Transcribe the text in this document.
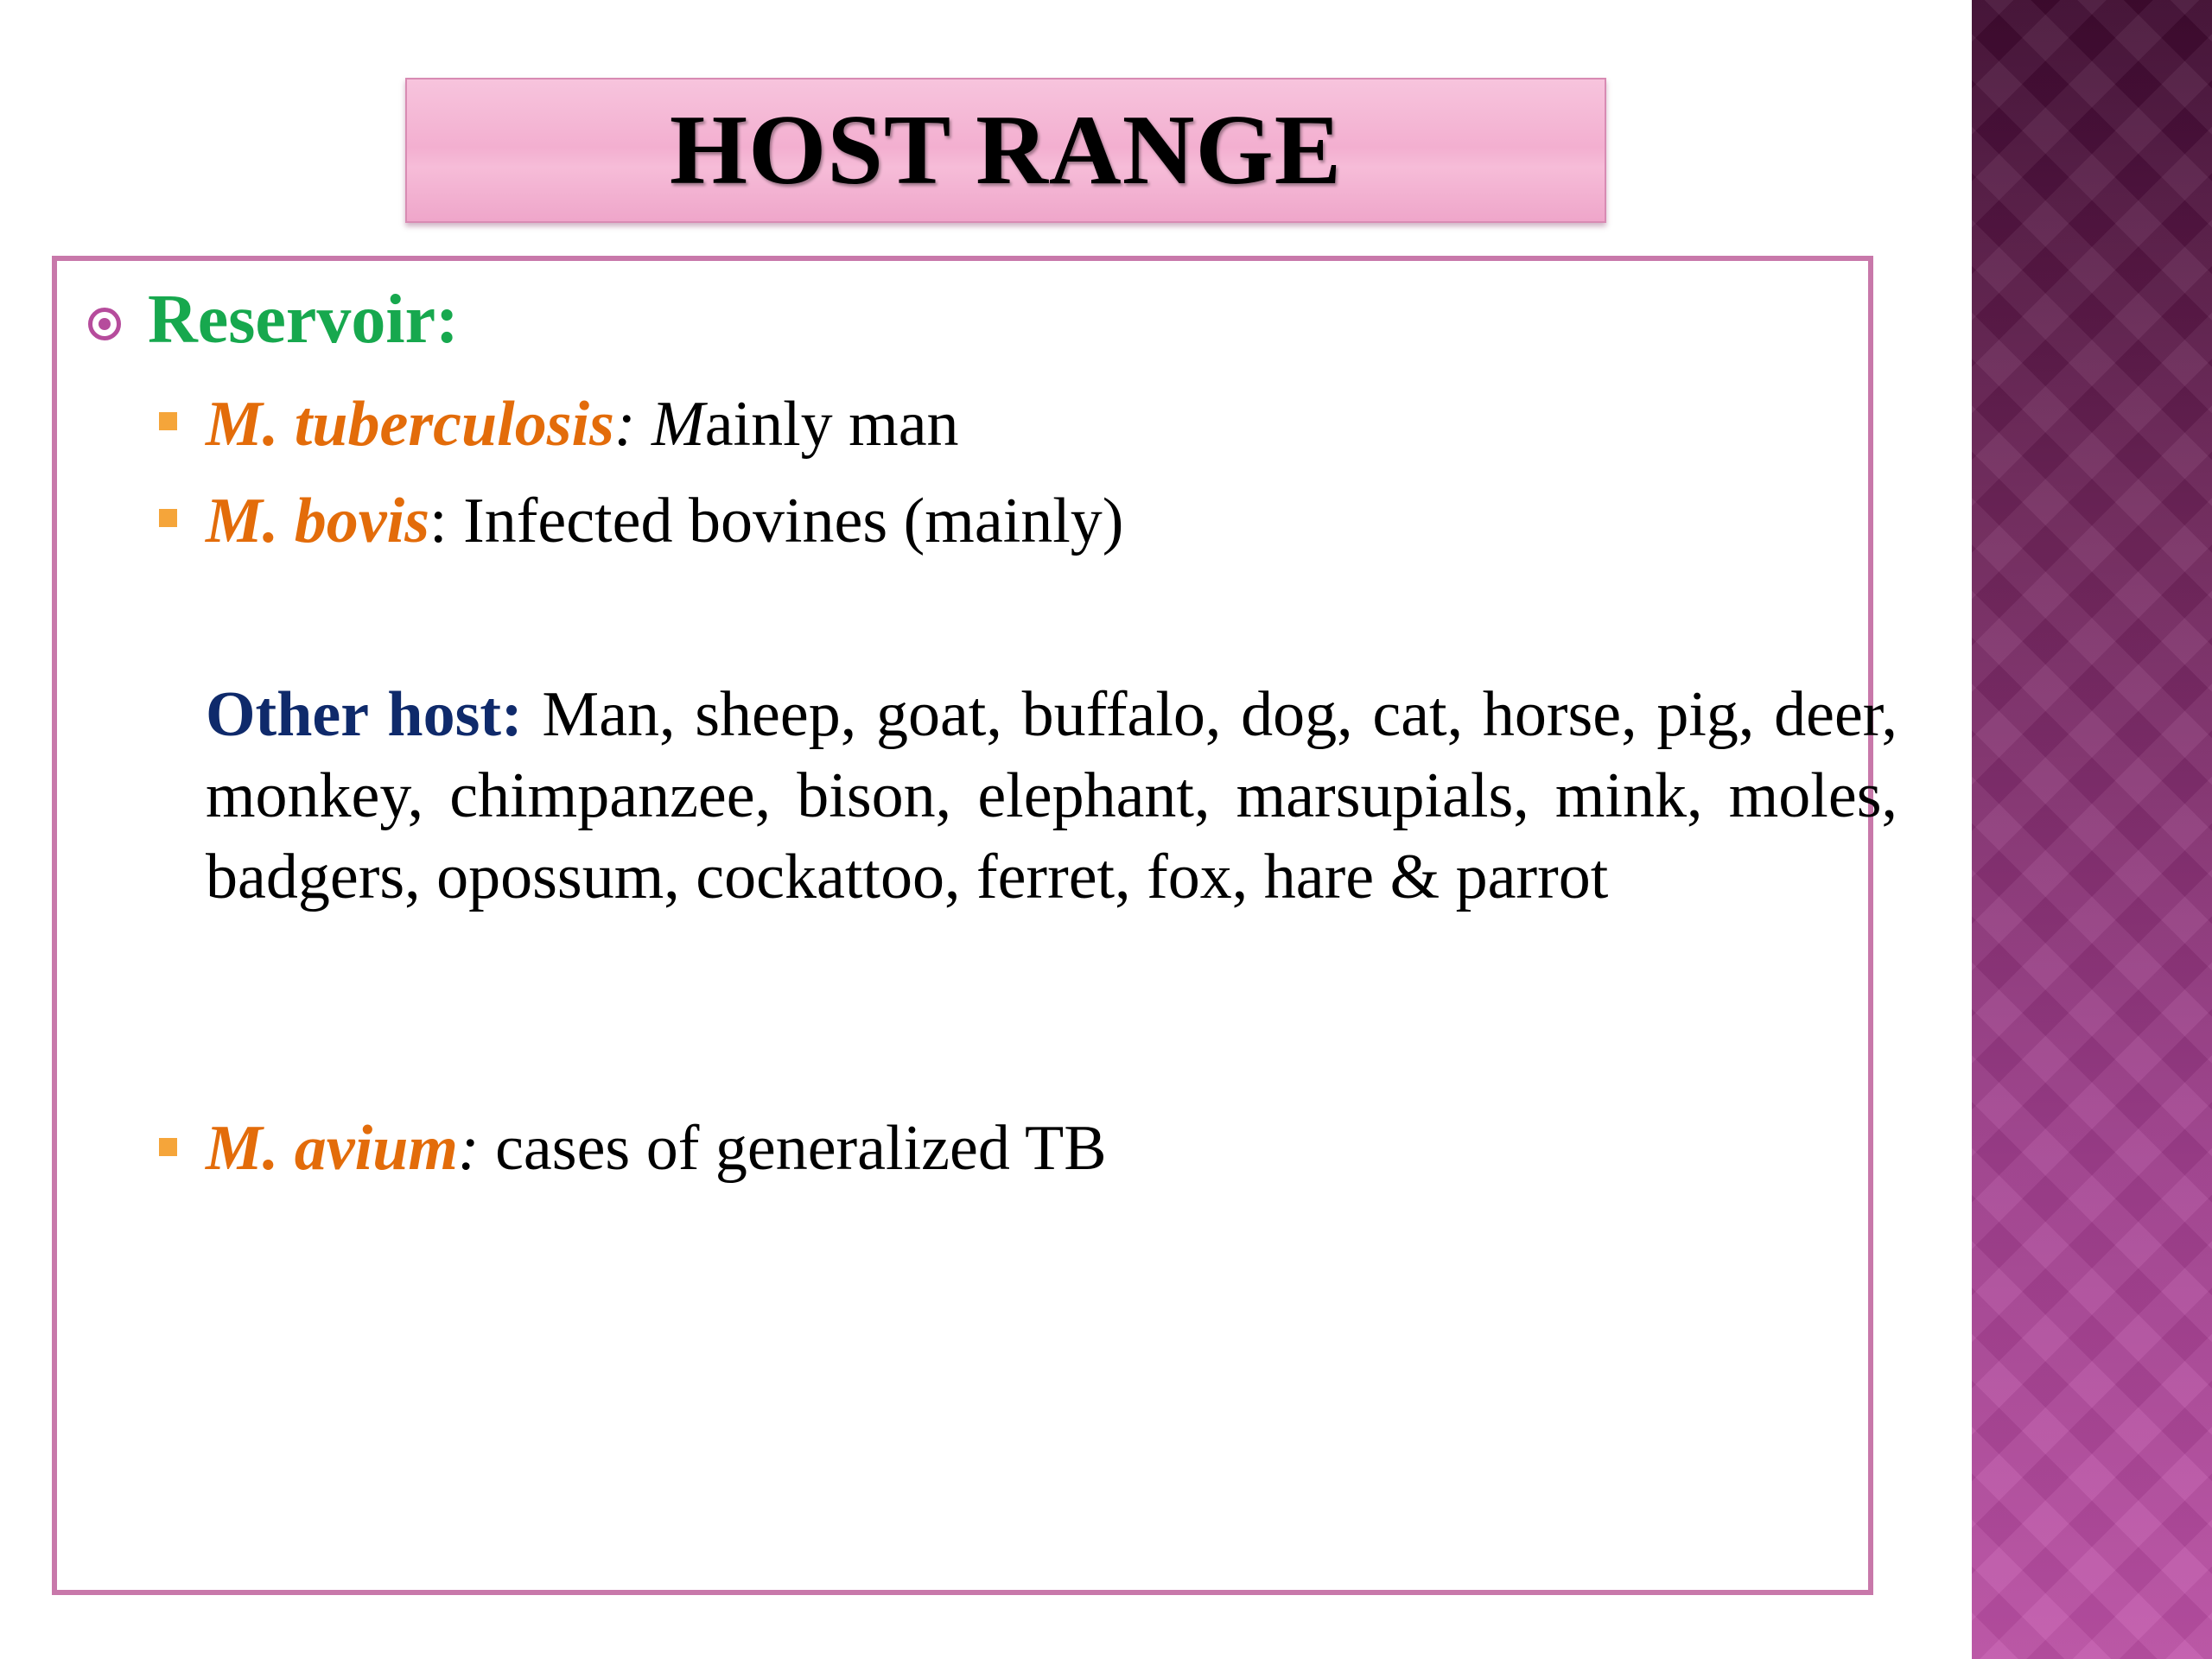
HOST RANGE
Reservoir:
M. tuberculosis: Mainly man
M. bovis: Infected bovines (mainly)
Other host: Man, sheep, goat, buffalo, dog, cat, horse, pig, deer, monkey, chimpanzee, bison, elephant, marsupials, mink, moles, badgers, opossum, cockattoo, ferret, fox, hare & parrot
M. avium: cases of generalized TB
